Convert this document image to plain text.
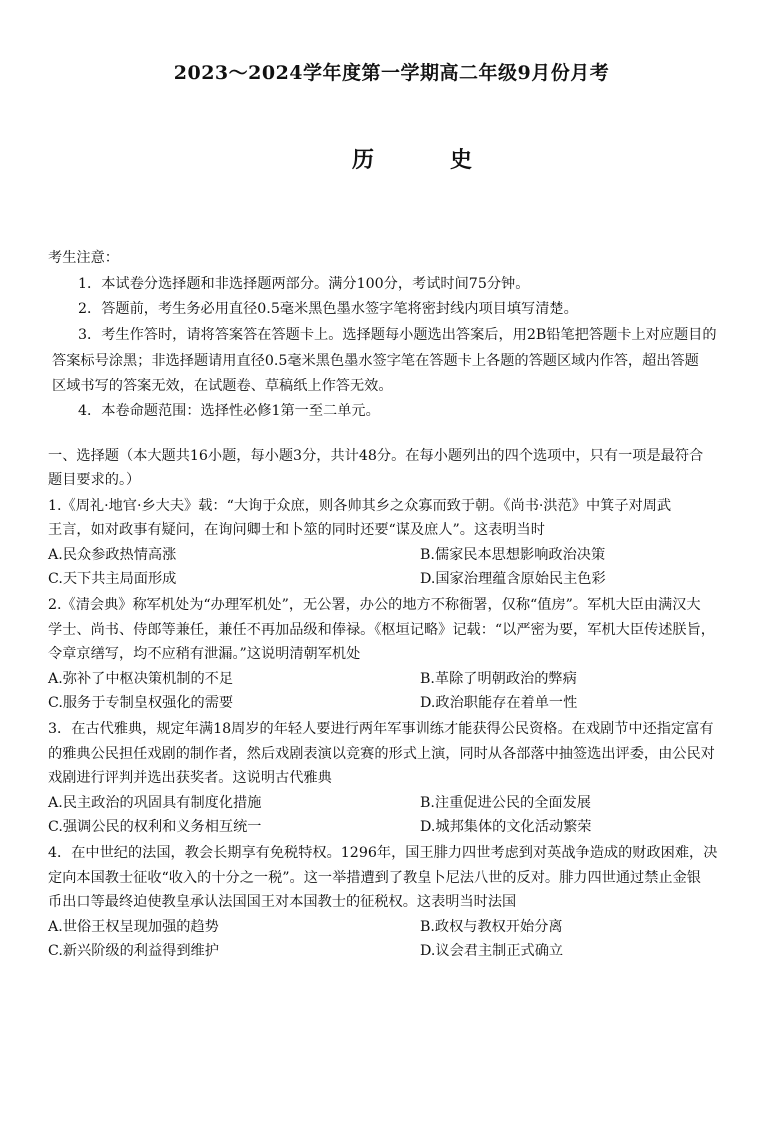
2023～2024学年度第一学期高二年级9月份月考
历	史
考生注意：
1．本试卷分选择题和非选择题两部分。满分100分，考试时间75分钟。
2．答题前，考生务必用直径0.5毫米黑色墨水签字笔将密封线内项目填写清楚。
3．考生作答时，请将答案答在答题卡上。选择题每小题选出答案后，用2B铅笔把答题卡上对应题目的
答案标号涂黑；非选择题请用直径0.5毫米黑色墨水签字笔在答题卡上各题的答题区域内作答，超出答题
区域书写的答案无效，在试题卷、草稿纸上作答无效。
4．本卷命题范围：选择性必修1第一至二单元。
一、选择题（本大题共16小题，每小题3分，共计48分。在每小题列出的四个选项中，只有一项是最符合
题目要求的。）
1.《周礼·地官·乡大夫》载：“大询于众庶，则各帅其乡之众寡而致于朝。《尚书·洪范》中箕子对周武
王言，如对政事有疑问，在询问卿士和卜筮的同时还要“谋及庶人”。这表明当时
A.民众参政热情高涨	B.儒家民本思想影响政治决策
C.天下共主局面形成	D.国家治理蕴含原始民主色彩
2.《清会典》称军机处为“办理军机处”，无公署，办公的地方不称衙署，仅称“值房”。军机大臣由满汉大
学士、尚书、侍郎等兼任，兼任不再加品级和俸禄。《枢垣记略》记载：“以严密为要，军机大臣传述朕旨，
令章京缮写，均不应稍有泄漏。”这说明清朝军机处
A.弥补了中枢决策机制的不足	B.革除了明朝政治的弊病
C.服务于专制皇权强化的需要	D.政治职能存在着单一性
3．在古代雅典，规定年满18周岁的年轻人要进行两年军事训练才能获得公民资格。在戏剧节中还指定富有
的雅典公民担任戏剧的制作者，然后戏剧表演以竞赛的形式上演，同时从各部落中抽签选出评委，由公民对
戏剧进行评判并选出获奖者。这说明古代雅典
A.民主政治的巩固具有制度化措施	B.注重促进公民的全面发展
C.强调公民的权利和义务相互统一	D.城邦集体的文化活动繁荣
4．在中世纪的法国，教会长期享有免税特权。1296年，国王腓力四世考虑到对英战争造成的财政困难，决
定向本国教士征收“收入的十分之一税”。这一举措遭到了教皇卜尼法八世的反对。腓力四世通过禁止金银
币出口等最终迫使教皇承认法国国王对本国教士的征税权。这表明当时法国
A.世俗王权呈现加强的趋势	B.政权与教权开始分离
C.新兴阶级的利益得到维护	D.议会君主制正式确立
